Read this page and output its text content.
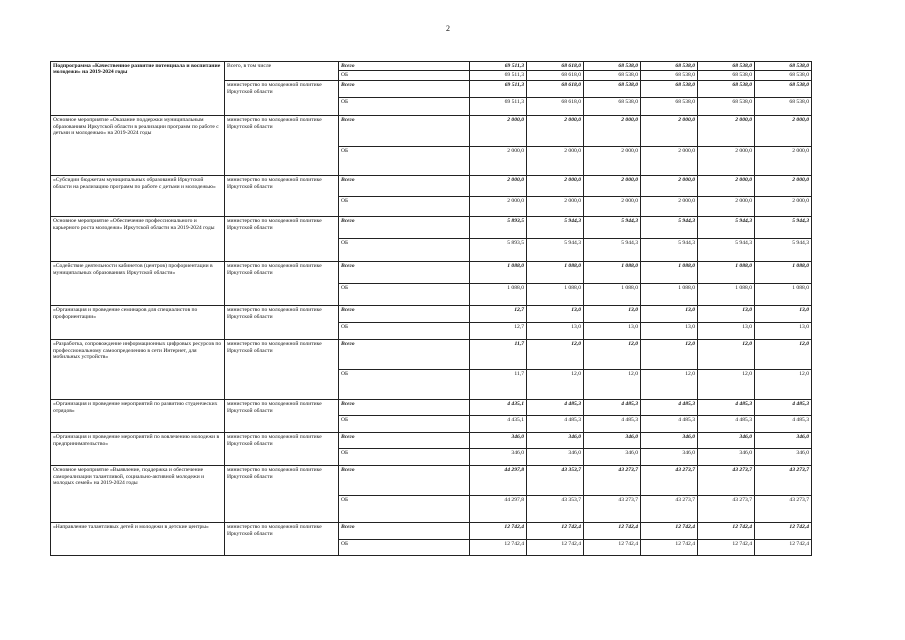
2
Подпрограмма «Качественное развитие потенциала и воспитание молодежи» на 2019-2024 годы	Всего, в том числе	Всего	69 511,3	68 618,0	68 538,0	68 538,0	68 538,0	68 538,0
		ОБ	69 511,3	68 618,0	68 538,0	68 538,0	68 538,0	68 538,0
	министерство по молодежной политике Иркутской области	Всего	69 511,3	68 618,0	68 538,0	68 538,0	68 538,0	68 538,0
		ОБ	69 511,3	68 618,0	68 538,0	68 538,0	68 538,0	68 538,0
Основное мероприятие «Оказание поддержки муниципальным образованиям Иркутской области в реализации программ по работе с детьми и молодежью» на 2019-2024 годы	министерство по молодежной политике Иркутской области	Всего	2 000,0	2 000,0	2 000,0	2 000,0	2 000,0	2 000,0
		ОБ	2 000,0	2 000,0	2 000,0	2 000,0	2 000,0	2 000,0
«Субсидии бюджетам муниципальных образований Иркутской области на реализацию программ по работе с детьми и молодежью»	министерство по молодежной политике Иркутской области	Всего	2 000,0	2 000,0	2 000,0	2 000,0	2 000,0	2 000,0
		ОБ	2 000,0	2 000,0	2 000,0	2 000,0	2 000,0	2 000,0
Основное мероприятие «Обеспечение профессионального и карьерного роста молодежи» Иркутской области на 2019-2024 годы	министерство по молодежной политике Иркутской области	Всего	5 893,5	5 944,3	5 944,3	5 944,3	5 944,3	5 944,3
		ОБ	5 893,5	5 944,3	5 944,3	5 944,3	5 944,3	5 944,3
«Содействие деятельности кабинетов (центров) профориентации в муниципальных образованиях Иркутской области»	министерство по молодежной политике Иркутской области	Всего	1 088,0	1 088,0	1 088,0	1 088,0	1 088,0	1 088,0
		ОБ	1 088,0	1 088,0	1 088,0	1 088,0	1 088,0	1 088,0
«Организация и проведение семинаров для специалистов по профориентации»	министерство по молодежной политике Иркутской области	Всего	12,7	13,0	13,0	13,0	13,0	13,0
		ОБ	12,7	13,0	13,0	13,0	13,0	13,0
«Разработка, сопровождение информационных цифровых ресурсов по профессиональному самоопределению в сети Интернет, для мобильных устройств»	министерство по молодежной политике Иркутской области	Всего	11,7	12,0	12,0	12,0	12,0	12,0
		ОБ	11,7	12,0	12,0	12,0	12,0	12,0
«Организация и проведение мероприятий по развитию студенческих отрядов»	министерство по молодежной политике Иркутской области	Всего	4 435,1	4 485,3	4 485,3	4 485,3	4 485,3	4 485,3
		ОБ	4 435,1	4 485,3	4 485,3	4 485,3	4 485,3	4 485,3
«Организация и проведение мероприятий по вовлечению молодежи в предпринимательство»	министерство по молодежной политике Иркутской области	Всего	346,0	346,0	346,0	346,0	346,0	346,0
		ОБ	346,0	346,0	346,0	346,0	346,0	346,0
Основное мероприятие «Выявление, поддержка и обеспечение самореализации талантливой, социально-активной молодежи и молодых семей» на 2019-2024 годы	министерство по молодежной политике Иркутской области	Всего	44 297,8	43 353,7	43 273,7	43 273,7	43 273,7	43 273,7
		ОБ	44 297,8	43 353,7	43 273,7	43 273,7	43 273,7	43 273,7
«Направление талантливых детей и молодежи в детские центры»	министерство по молодежной политике Иркутской области	Всего	12 742,4	12 742,4	12 742,4	12 742,4	12 742,4	12 742,4
		ОБ	12 742,4	12 742,4	12 742,4	12 742,4	12 742,4	12 742,4
